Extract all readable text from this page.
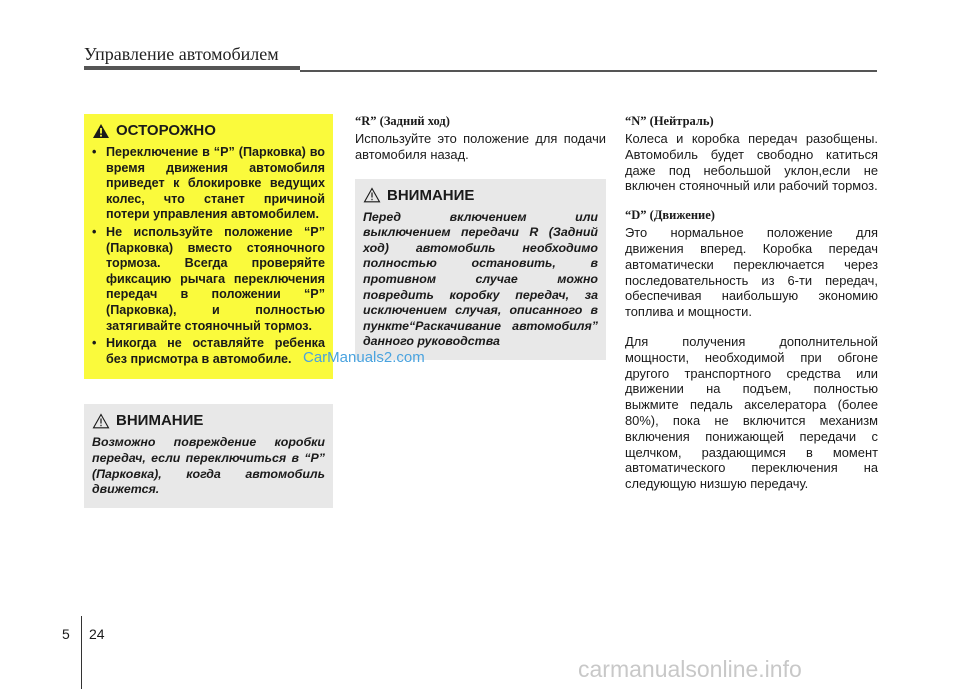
Управление автомобилем
ОСТОРОЖНО
• Переключение в “P” (Парковка) во время движения автомобиля приведет к блокировке ведущих колес, что станет причиной потери управления автомобилем.
• Не используйте положение “P” (Парковка) вместо стояночного тормоза. Всегда проверяйте фиксацию рычага переключения передач в положении “P” (Парковка), и полностью затягивайте стояночный тормоз.
• Никогда не оставляйте ребенка без присмотра в автомобиле.
ВНИМАНИЕ

Возможно повреждение коробки передач, если переключиться в “P” (Парковка), когда автомобиль движется.

“R” (Задний ход)

Используйте это положение для подачи автомобиля назад.

ВНИМАНИЕ

Перед включением или выключением передачи R (Задний ход) автомобиль необходимо полностью остановить, в противном случае можно повредить коробку передач, за исключением случая, описанного в пункте“Раскачивание автомобиля” данного руководства

“N” (Нейтраль)

Колеса и коробка передач разобщены. Автомобиль будет свободно катиться даже под небольшой уклон,если не включен стояночный или рабочий тормоз.

“D” (Движение)

Это нормальное положение для движения вперед. Коробка передач автоматически переключается через последовательность из 6-ти передач, обеспечивая наибольшую экономию топлива и мощности.

Для получения дополнительной мощности, необходимой при обгоне другого транспортного средства или движении на подъем, полностью выжмите педаль акселератора (более 80%), пока не включится механизм включения понижающей передачи с щелчком, раздающимся в момент автоматического переключения на следующую низшую передачу.

CarManuals2.com
carmanualsonline.info
5 24
